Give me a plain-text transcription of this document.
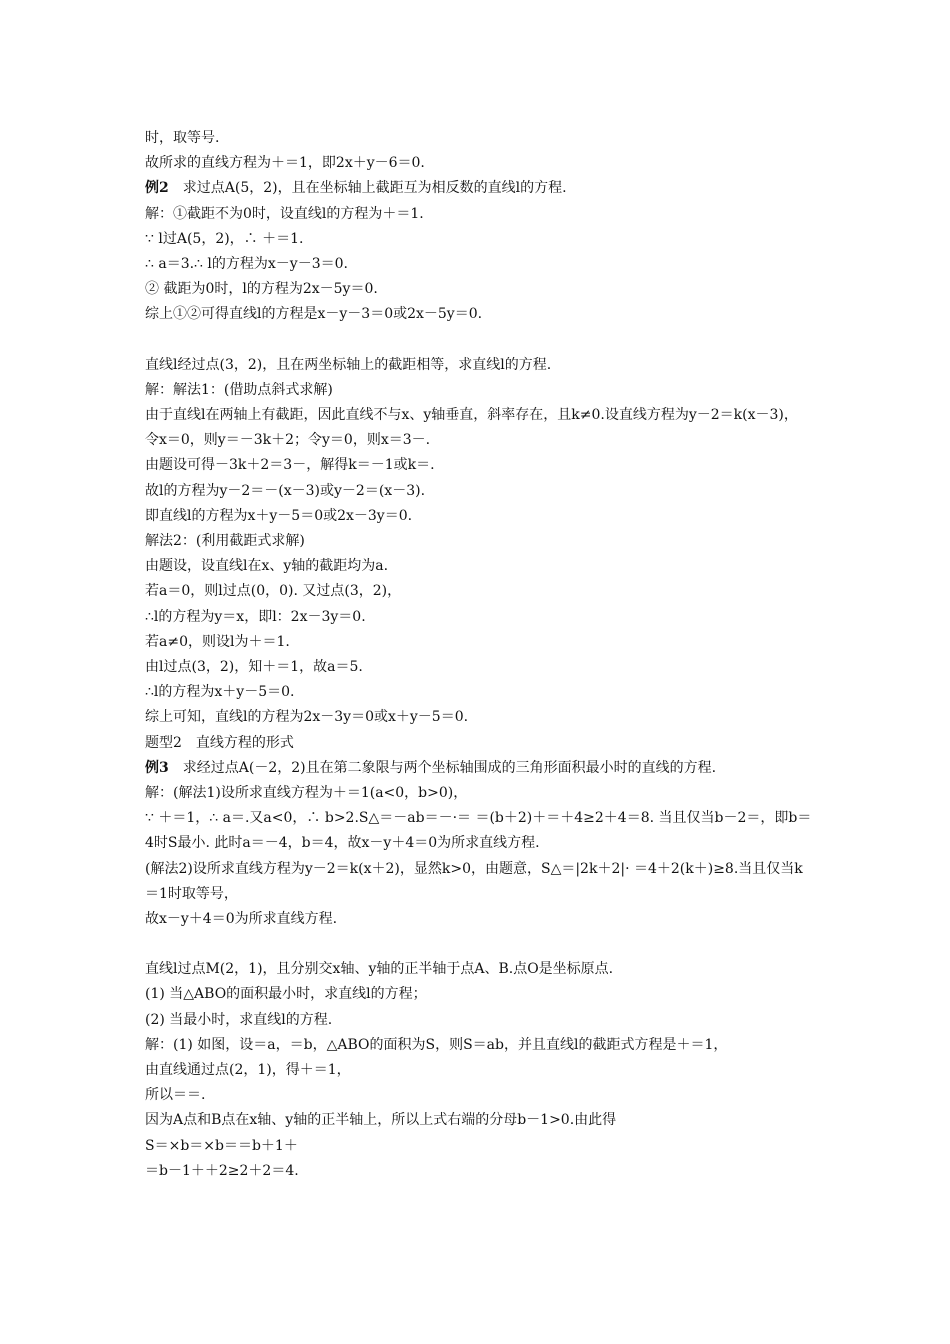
时，取等号.
故所求的直线方程为＋＝1，即2x＋y－6＝0.
例2 求过点A(5，2)，且在坐标轴上截距互为相反数的直线l的方程.
解：①截距不为0时，设直线l的方程为＋＝1.
∵ l过A(5，2)，∴ ＋＝1.
∴ a＝3.∴ l的方程为x－y－3＝0.
② 截距为0时，l的方程为2x－5y＝0.
综上①②可得直线l的方程是x－y－3＝0或2x－5y＝0.
直线l经过点(3，2)，且在两坐标轴上的截距相等，求直线l的方程.
解：解法1：(借助点斜式求解)
由于直线l在两轴上有截距，因此直线不与x、y轴垂直，斜率存在，且k≠0.设直线方程为y－2＝k(x－3)，
令x＝0，则y＝－3k＋2；令y＝0，则x＝3－.
由题设可得－3k＋2＝3－，解得k＝－1或k＝.
故l的方程为y－2＝－(x－3)或y－2＝(x－3).
即直线l的方程为x＋y－5＝0或2x－3y＝0.
解法2：(利用截距式求解)
由题设，设直线l在x、y轴的截距均为a.
若a＝0，则l过点(0，0). 又过点(3，2)，
∴l的方程为y＝x，即l：2x－3y＝0.
若a≠0，则设l为＋＝1.
由l过点(3，2)，知＋＝1，故a＝5.
∴l的方程为x＋y－5＝0.
综上可知，直线l的方程为2x－3y＝0或x＋y－5＝0.
题型2　直线方程的形式
例3 求经过点A(－2，2)且在第二象限与两个坐标轴围成的三角形面积最小时的直线的方程.
解：(解法1)设所求直线方程为＋＝1(a<0，b>0)，
∵ ＋＝1，∴ a＝.又a<0，∴ b>2.S△＝－ab＝－·＝ ＝(b＋2)＋＝＋4≥2＋4＝8. 当且仅当b－2＝，即b＝4时S最小. 此时a＝－4，b＝4，故x－y＋4＝0为所求直线方程.
(解法2)设所求直线方程为y－2＝k(x＋2)，显然k>0，由题意，S△＝|2k＋2|· ＝4＋2(k＋)≥8.当且仅当k＝1时取等号，
故x－y＋4＝0为所求直线方程.
直线l过点M(2，1)，且分别交x轴、y轴的正半轴于点A、B.点O是坐标原点.
(1) 当△ABO的面积最小时，求直线l的方程；
(2) 当最小时，求直线l的方程.
解：(1) 如图，设＝a，＝b，△ABO的面积为S，则S＝ab，并且直线l的截距式方程是＋＝1，
由直线通过点(2，1)，得＋＝1，
所以＝＝.
因为A点和B点在x轴、y轴的正半轴上，所以上式右端的分母b－1>0.由此得
S＝×b＝×b＝＝b＋1＋
＝b－1＋＋2≥2＋2＝4.
